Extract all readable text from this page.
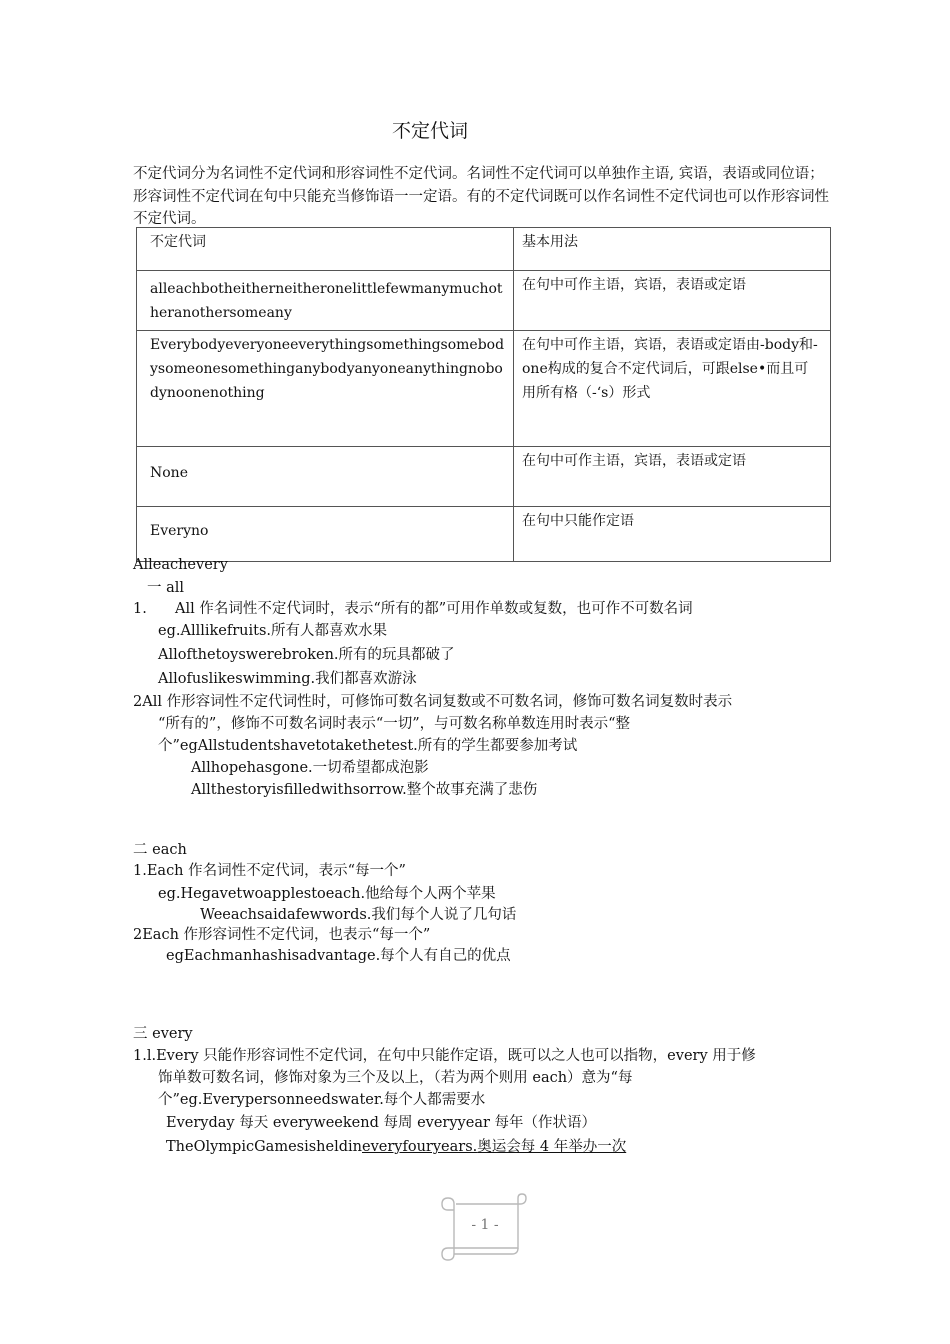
不定代词
不定代词分为名词性不定代词和形容词性不定代词。名词性不定代词可以单独作主语, 宾语，表语或同位语；形容词性不定代词在句中只能充当修饰语一一定语。有的不定代词既可以作名词性不定代词也可以作形容词性不定代词。
不定代词	基本用法
alleachbotheitherneitheronelittlefewmanymuchotheranothersomeany	在句中可作主语，宾语，表语或定语
Everybodyeveryoneeverythingsomethingsomebodysomeonesomethinganybodyanyoneanythingnobodynoonenothing	在句中可作主语，宾语，表语或定语由-body和-one构成的复合不定代词后，可跟else•而且可用所有格（-‘s）形式
None	在句中可作主语，宾语，表语或定语
Everyno	在句中只能作定语
Alleachevery
一 all
1. All 作名词性不定代词时，表示“所有的都”可用作单数或复数，也可作不可数名词
eg.Alllikefruits.所有人都喜欢水果
Allofthetoyswerebroken.所有的玩具都破了
Allofuslikeswimming.我们都喜欢游泳
2All 作形容词性不定代词性时，可修饰可数名词复数或不可数名词，修饰可数名词复数时表示
“所有的”，修饰不可数名词时表示“一切”，与可数名称单数连用时表示“整
个”egAllstudentshavetotakethetest.所有的学生都要参加考试
Allhopehasgone.一切希望都成泡影
Allthestoryisfilledwithsorrow.整个故事充满了悲伤
二 each
1.Each 作名词性不定代词，表示“每一个”
eg.Hegavetwoapplestoeach.他给每个人两个苹果
Weeachsaidafewwords.我们每个人说了几句话
2Each 作形容词性不定代词，也表示“每一个”
egEachmanhashisadvantage.每个人有自己的优点
三 every
1.l.Every 只能作形容词性不定代词，在句中只能作定语，既可以之人也可以指物，every 用于修
饰单数可数名词，修饰对象为三个及以上，（若为两个则用 each）意为“每
个”eg.Everypersonneedswater.每个人都需要水
Everyday 每天 everyweekend 每周 everyyear 每年（作状语）
TheOlympicGamesisheldineveryfouryears.奥运会每 4 年举办一次
- 1 -
